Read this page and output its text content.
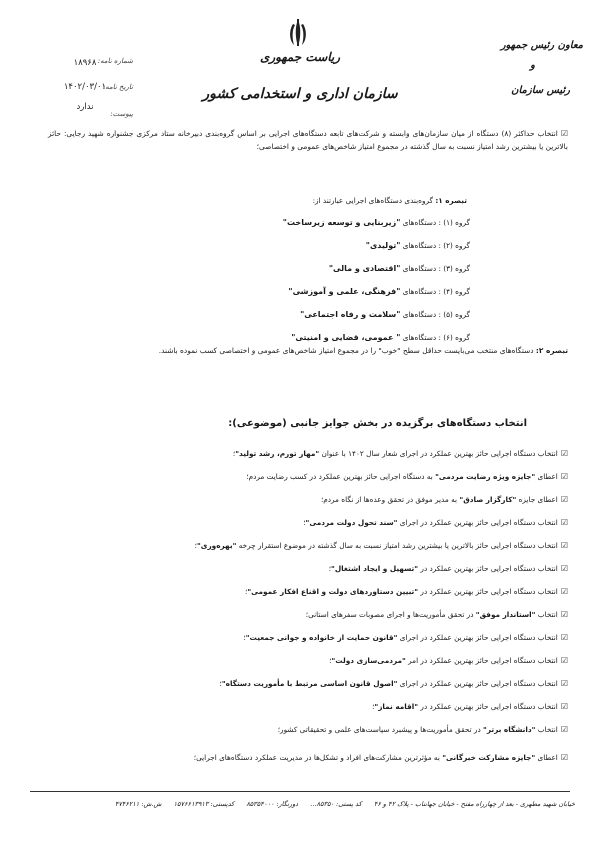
ریاست جمهوری
سازمان اداری و استخدامی کشور
معاون رئیس جمهور
و
رئیس سازمان
شماره نامه:
۱۸۹۶۸
تاریخ نامه:
۱۴۰۲/۰۳/۰۱
پیوست:
ندارد
☑انتخاب حداکثر (۸) دستگاه از میان سازمان‌های وابسته و شرکت‌های تابعه دستگاه‌های اجرایی بر اساس گروه‌بندی دبیرخانه ستاد مرکزی جشنواره شهید رجایی: حائز بالاترین یا بیشترین رشد امتیاز نسبت به سال گذشته در مجموع امتیاز شاخص‌های عمومی و اختصاصی؛
تبصره ۱: گروه‌بندی دستگاه‌های اجرایی عبارتند از:
گروه (۱) : دستگاه‌های "زیربنایی و توسعه زیرساخت"
گروه (۲) : دستگاه‌های "تولیدی"
گروه (۳) : دستگاه‌های "اقتصادی و مالی"
گروه (۴) : دستگاه‌های "فرهنگی، علمی و آموزشی"
گروه (۵) : دستگاه‌های "سلامت و رفاه اجتماعی"
گروه (۶) : دستگاه‌های " عمومی، قضایی و امنیتی"
تبصره ۲: دستگاه‌های منتخب می‌بایست حداقل سطح "خوب" را در مجموع امتیاز شاخص‌های عمومی و اختصاصی کسب نموده باشند.
انتخاب دستگاه‌های برگزیده در بخش جوایز جانبی (موضوعی):
☑انتخاب دستگاه اجرایی حائز بهترین عملکرد در اجرای شعار سال ۱۴۰۲ با عنوان "مهار تورم، رشد تولید"؛
☑اعطای "جایزه ویژه رضایت مردمی" به دستگاه اجرایی حائز بهترین عملکرد در کسب رضایت مردم؛
☑اعطای جایزه "کارگزار صادق" به مدیر موفق در تحقق وعده‌ها از نگاه مردم؛
☑انتخاب دستگاه اجرایی حائز بهترین عملکرد در اجرای "سند تحول دولت مردمی"؛
☑انتخاب دستگاه اجرایی حائز بالاترین یا بیشترین رشد امتیاز نسبت به سال گذشته در موضوع استقرار چرخه "بهره‌وری"؛
☑انتخاب دستگاه اجرایی حائز بهترین عملکرد در "تسهیل و ایجاد اشتغال"؛
☑انتخاب دستگاه اجرایی حائز بهترین عملکرد در "تبیین دستاوردهای دولت و اقناع افکار عمومی"؛
☑انتخاب "استاندار موفق" در تحقق مأموریت‌ها و اجرای مصوبات سفرهای استانی؛
☑انتخاب دستگاه اجرایی حائز بهترین عملکرد در اجرای "قانون حمایت از خانواده و جوانی جمعیت"؛
☑انتخاب دستگاه اجرایی حائز بهترین عملکرد در امر "مردمی‌سازی دولت"؛
☑انتخاب دستگاه اجرایی حائز بهترین عملکرد در اجرای "اصول قانون اساسی مرتبط با مأموریت دستگاه"؛
☑انتخاب دستگاه اجرایی حائز بهترین عملکرد در "اقامه نماز"؛
☑انتخاب "دانشگاه برتر" در تحقق مأموریت‌ها و پیشبرد سیاست‌های علمی و تحقیقاتی کشور؛
☑اعطای "جایزه مشارکت خبرگانی" به مؤثرترین مشارکت‌های افراد و تشکل‌ها در مدیریت عملکرد دستگاه‌های اجرایی؛
خیابان شهید مطهری - بعد از چهارراه مفتح - خیابان جهانتاب - پلاک ۴۲ و ۴۶ کد پستی: ۸۵۳۵۰... دورنگار: ۸۵۳۵۴۰۰۰ کدپستی: ۱۵۷۶۶۱۳۹۱۳ ش.ش: ۴۷۴۶۲۱۱
